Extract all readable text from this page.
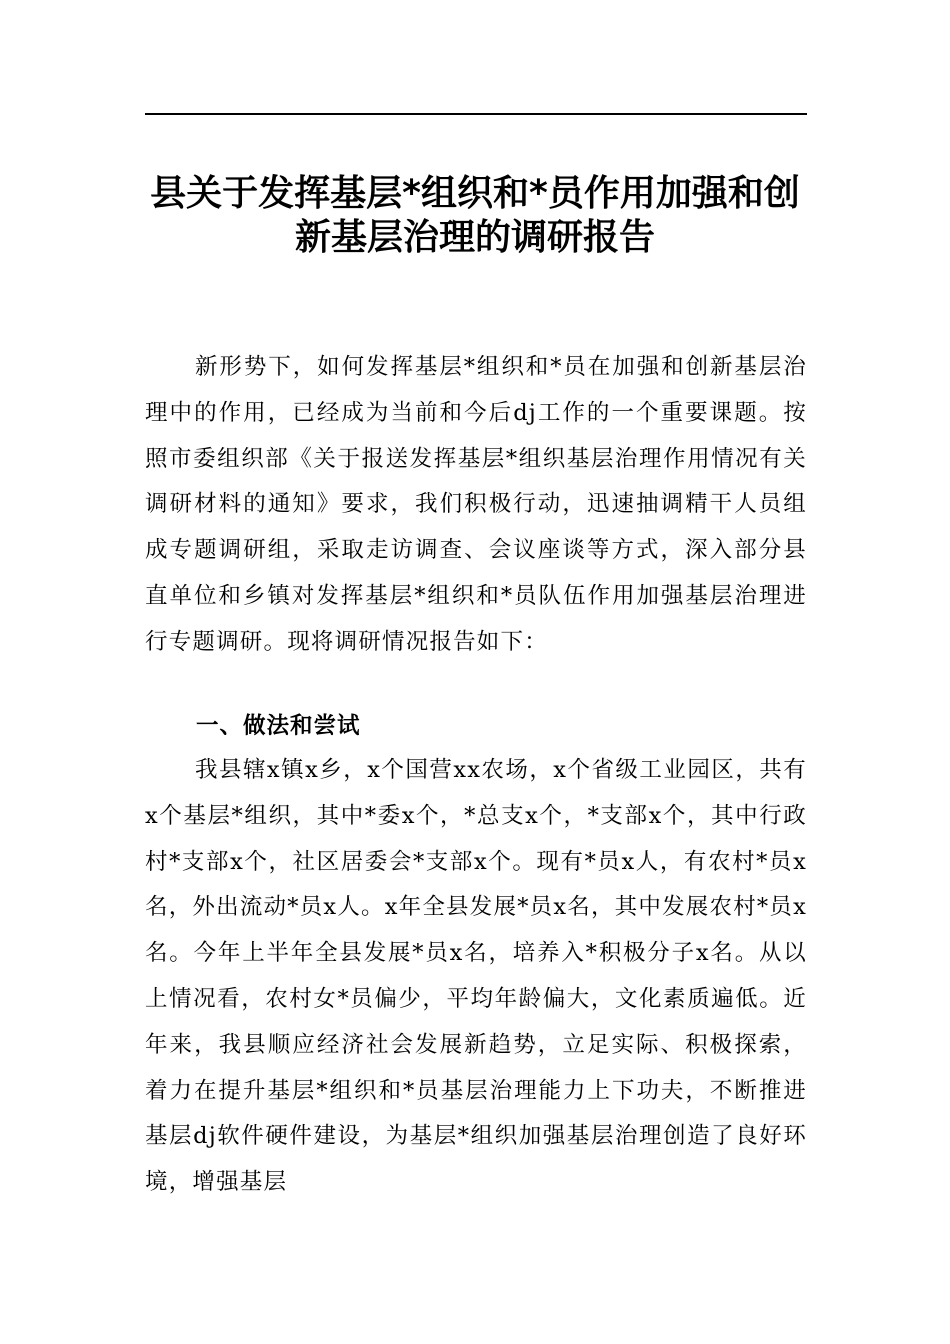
县关于发挥基层*组织和*员作用加强和创
新基层治理的调研报告
新形势下，如何发挥基层*组织和*员在加强和创新基层治理中的作用，已经成为当前和今后dj工作的一个重要课题。按照市委组织部《关于报送发挥基层*组织基层治理作用情况有关调研材料的通知》要求，我们积极行动，迅速抽调精干人员组成专题调研组，采取走访调查、会议座谈等方式，深入部分县直单位和乡镇对发挥基层*组织和*员队伍作用加强基层治理进行专题调研。现将调研情况报告如下：
一、做法和尝试
我县辖x镇x乡，x个国营xx农场，x个省级工业园区，共有x个基层*组织，其中*委x个，*总支x个，*支部x个，其中行政村*支部x个，社区居委会*支部x个。现有*员x人，有农村*员x名，外出流动*员x人。x年全县发展*员x名，其中发展农村*员x名。今年上半年全县发展*员x名，培养入*积极分子x名。从以上情况看，农村女*员偏少，平均年龄偏大，文化素质遍低。近年来，我县顺应经济社会发展新趋势，立足实际、积极探索，着力在提升基层*组织和*员基层治理能力上下功夫，不断推进基层dj软件硬件建设，为基层*组织加强基层治理创造了良好环境，增强基层
